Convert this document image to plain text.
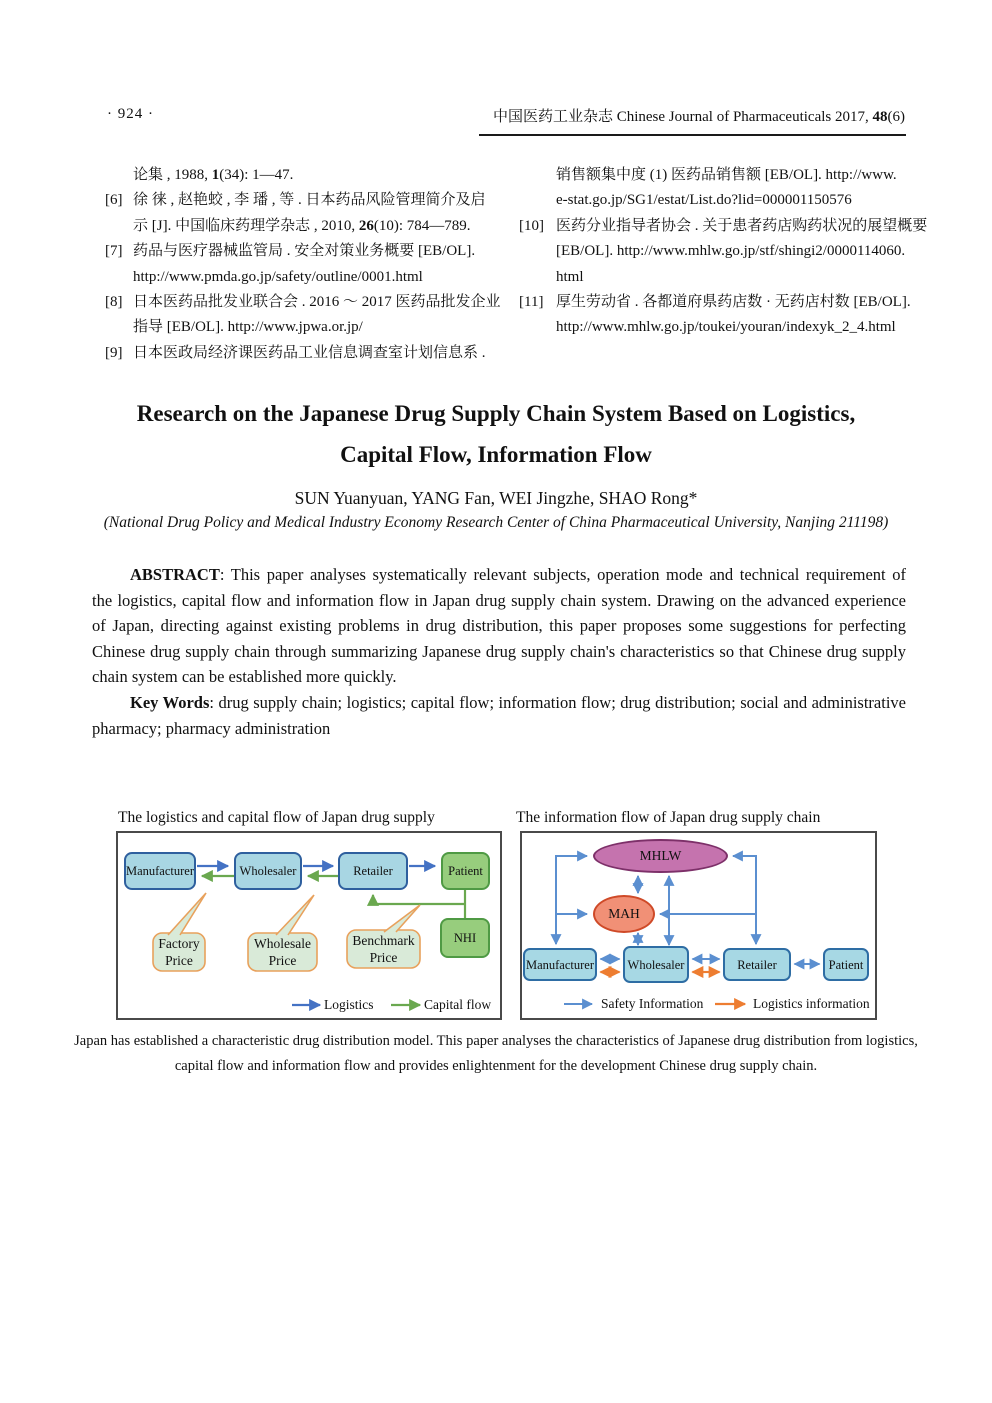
· 924 ·	中国医药工业杂志 Chinese Journal of Pharmaceuticals 2017, 48(6)
论集 , 1988, 1(34): 1—47.
[6] 徐 徕 , 赵艳蛟 , 李 璠 , 等 . 日本药品风险管理简介及启
示 [J]. 中国临床药理学杂志 , 2010, 26(10): 784—789.
[7] 药品与医疗器械监管局 . 安全对策业务概要 [EB/OL].
http://www.pmda.go.jp/safety/outline/0001.html
[8] 日本医药品批发业联合会 . 2016 ～ 2017 医药品批发企业
指导 [EB/OL]. http://www.jpwa.or.jp/
[9] 日本医政局经济课医药品工业信息调查室计划信息系 .
销售额集中度 (1) 医药品销售额 [EB/OL]. http://www.
e-stat.go.jp/SG1/estat/List.do?lid=000001150576
[10] 医药分业指导者协会 . 关于患者药店购药状况的展望概要
[EB/OL]. http://www.mhlw.go.jp/stf/shingi2/0000114060.
html
[11] 厚生劳动省 . 各都道府県药店数 · 无药店村数 [EB/OL].
http://www.mhlw.go.jp/toukei/youran/indexyk_2_4.html
Research on the Japanese Drug Supply Chain System Based on Logistics,
Capital Flow, Information Flow
SUN Yuanyuan, YANG Fan, WEI Jingzhe, SHAO Rong*
(National Drug Policy and Medical Industry Economy Research Center of China Pharmaceutical University, Nanjing 211198)
ABSTRACT: This paper analyses systematically relevant subjects, operation mode and technical requirement of
the logistics, capital flow and information flow in Japan drug supply chain system. Drawing on the advanced experience
of Japan, directing against existing problems in drug distribution, this paper proposes some suggestions for perfecting
Chinese drug supply chain through summarizing Japanese drug supply chain's characteristics so that Chinese drug supply
chain system can be established more quickly.
Key Words: drug supply chain; logistics; capital flow; information flow; drug distribution; social and administrative
pharmacy; pharmacy administration
The logistics and capital flow of Japan drug supply
Manufacturer	Wholesaler	Retailer	Patient
NHI
Factory Price
Wholesale Price
Benchmark Price
Logistics	Capital flow
The information flow of Japan drug supply chain
MHLW
MAH
Manufacturer	Wholesaler	Retailer	Patient
Safety Information	Logistics information
Japan has established a characteristic drug distribution model. This paper analyses the characteristics of Japanese drug distribution from logistics,
capital flow and information flow and provides enlightenment for the development Chinese drug supply chain.
